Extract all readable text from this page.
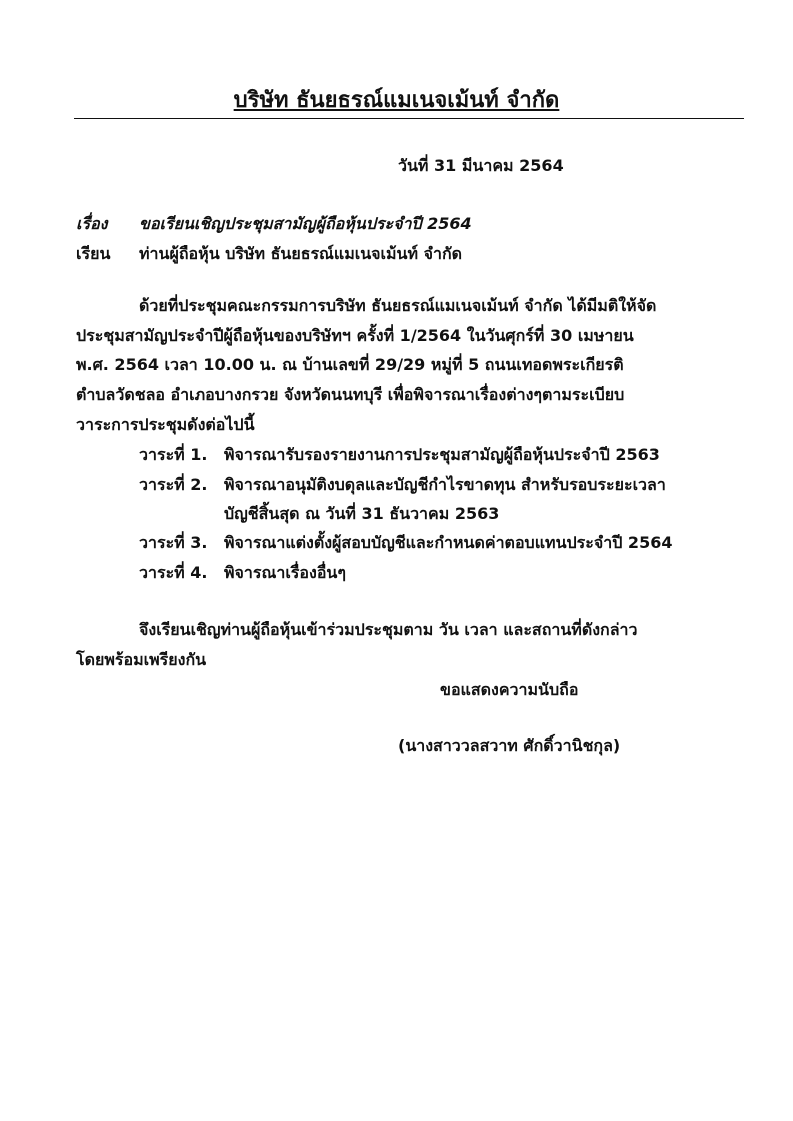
บริษัท ธันยธรณ์แมเนจเม้นท์ จำกัด
วันที่ 31 มีนาคม 2564
เรื่อง ขอเรียนเชิญประชุมสามัญผู้ถือหุ้นประจำปี 2564
เรียน ท่านผู้ถือหุ้น บริษัท ธันยธรณ์แมเนจเม้นท์ จำกัด
ด้วยที่ประชุมคณะกรรมการบริษัท ธันยธรณ์แมเนจเม้นท์ จำกัด ได้มีมติให้จัด
ประชุมสามัญประจำปีผู้ถือหุ้นของบริษัทฯ ครั้งที่ 1/2564 ในวันศุกร์ที่ 30 เมษายน
พ.ศ. 2564 เวลา 10.00 น. ณ บ้านเลขที่ 29/29 หมู่ที่ 5 ถนนเทอดพระเกียรติ
ตำบลวัดชลอ อำเภอบางกรวย จังหวัดนนทบุรี เพื่อพิจารณาเรื่องต่างๆตามระเบียบ
วาระการประชุมดังต่อไปนี้
วาระที่ 1. พิจารณารับรองรายงานการประชุมสามัญผู้ถือหุ้นประจำปี 2563
วาระที่ 2. พิจารณาอนุมัติงบดุลและบัญชีกำไรขาดทุน สำหรับรอบระยะเวลา
บัญชีสิ้นสุด ณ วันที่ 31 ธันวาคม 2563
วาระที่ 3. พิจารณาแต่งตั้งผู้สอบบัญชีและกำหนดค่าตอบแทนประจำปี 2564
วาระที่ 4. พิจารณาเรื่องอื่นๆ
จึงเรียนเชิญท่านผู้ถือหุ้นเข้าร่วมประชุมตาม วัน เวลา และสถานที่ดังกล่าว
โดยพร้อมเพรียงกัน
ขอแสดงความนับถือ
(นางสาววลสวาท ศักดิ์วานิชกุล)
